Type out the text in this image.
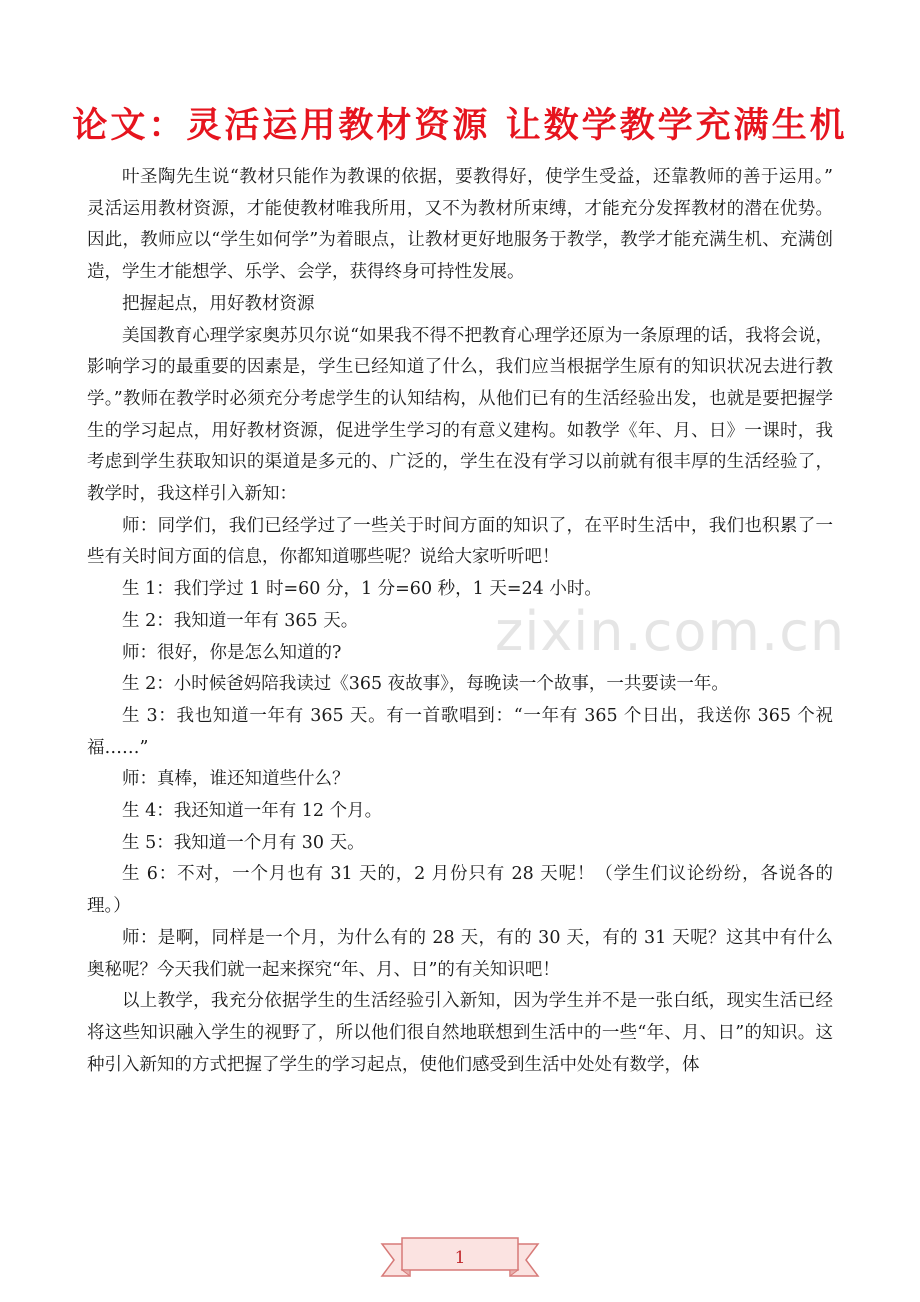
论文：灵活运用教材资源 让数学教学充满生机

叶圣陶先生说“教材只能作为教课的依据，要教得好，使学生受益，还靠教师的善于运用。” 灵活运用教材资源，才能使教材唯我所用，又不为教材所束缚，才能充分发挥教材的潜在优势。因此，教师应以“学生如何学”为着眼点，让教材更好地服务于教学，教学才能充满生机、充满创造，学生才能想学、乐学、会学，获得终身可持性发展。

把握起点，用好教材资源

美国教育心理学家奥苏贝尔说“如果我不得不把教育心理学还原为一条原理的话，我将会说，影响学习的最重要的因素是，学生已经知道了什么，我们应当根据学生原有的知识状况去进行教学。”教师在教学时必须充分考虑学生的认知结构，从他们已有的生活经验出发，也就是要把握学生的学习起点，用好教材资源，促进学生学习的有意义建构。如教学《年、月、日》一课时，我考虑到学生获取知识的渠道是多元的、广泛的，学生在没有学习以前就有很丰厚的生活经验了，教学时，我这样引入新知：

师：同学们，我们已经学过了一些关于时间方面的知识了，在平时生活中，我们也积累了一些有关时间方面的信息，你都知道哪些呢？说给大家听听吧！

生 1：我们学过 1 时=60 分，1 分=60 秒，1 天=24 小时。

生 2：我知道一年有 365 天。

师：很好，你是怎么知道的?

生 2：小时候爸妈陪我读过《365 夜故事》，每晚读一个故事，一共要读一年。

生 3：我也知道一年有 365 天。有一首歌唱到：“一年有 365 个日出，我送你 365 个祝福……”

师：真棒，谁还知道些什么？

生 4：我还知道一年有 12 个月。

生 5：我知道一个月有 30 天。

生 6：不对，一个月也有 31 天的，2 月份只有 28 天呢！（学生们议论纷纷，各说各的理。）

师：是啊，同样是一个月，为什么有的 28 天，有的 30 天，有的 31 天呢？这其中有什么奥秘呢？今天我们就一起来探究“年、月、日”的有关知识吧！

以上教学，我充分依据学生的生活经验引入新知，因为学生并不是一张白纸，现实生活已经将这些知识融入学生的视野了，所以他们很自然地联想到生活中的一些“年、月、日”的知识。这种引入新知的方式把握了学生的学习起点，使他们感受到生活中处处有数学，体

zixin.com.cn
1
